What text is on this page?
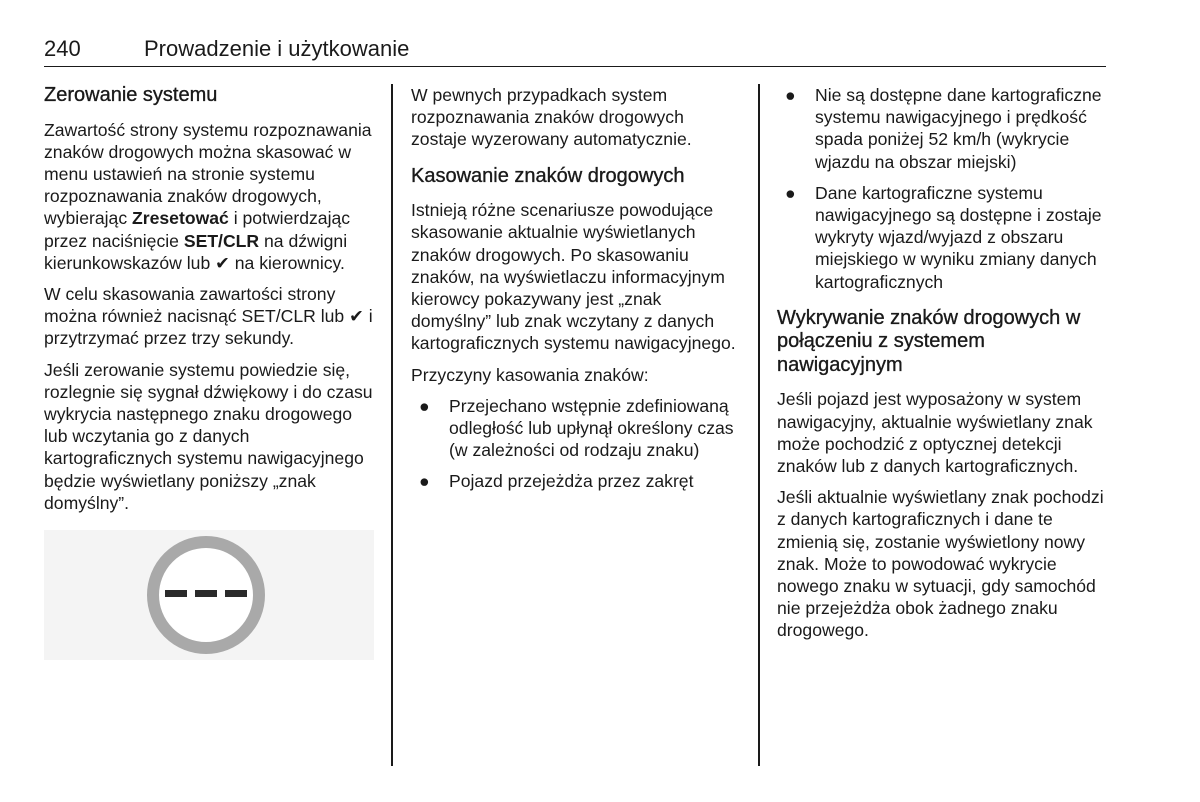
240	Prowadzenie i użytkowanie
Zerowanie systemu

Zawartość strony systemu rozpoznawania znaków drogowych można skasować w menu ustawień na stronie systemu rozpoznawania znaków drogowych, wybierając Zresetować i potwierdzając przez naciśnięcie SET/CLR na dźwigni kierunkowskazów lub ✔ na kierownicy.

W celu skasowania zawartości strony można również nacisnąć SET/CLR lub ✔ i przytrzymać przez trzy sekundy.

Jeśli zerowanie systemu powiedzie się, rozlegnie się sygnał dźwiękowy i do czasu wykrycia następnego znaku drogowego lub wczytania go z danych kartograficznych systemu nawigacyjnego będzie wyświetlany poniższy „znak domyślny”.

W pewnych przypadkach system rozpoznawania znaków drogowych zostaje wyzerowany automatycznie.

Kasowanie znaków drogowych

Istnieją różne scenariusze powodujące skasowanie aktualnie wyświetlanych znaków drogowych. Po skasowaniu znaków, na wyświetlaczu informacyjnym kierowcy pokazywany jest „znak domyślny” lub znak wczytany z danych kartograficznych systemu nawigacyjnego.

Przyczyny kasowania znaków:

● Przejechano wstępnie zdefiniowaną odległość lub upłynął określony czas (w zależności od rodzaju znaku)
● Pojazd przejeżdża przez zakręt
● Nie są dostępne dane kartograficzne systemu nawigacyjnego i prędkość spada poniżej 52 km/h (wykrycie wjazdu na obszar miejski)
● Dane kartograficzne systemu nawigacyjnego są dostępne i zostaje wykryty wjazd/wyjazd z obszaru miejskiego w wyniku zmiany danych kartograficznych
Wykrywanie znaków drogowych w połączeniu z systemem nawigacyjnym

Jeśli pojazd jest wyposażony w system nawigacyjny, aktualnie wyświetlany znak może pochodzić z optycznej detekcji znaków lub z danych kartograficznych.

Jeśli aktualnie wyświetlany znak pochodzi z danych kartograficznych i dane te zmienią się, zostanie wyświetlony nowy znak. Może to powodować wykrycie nowego znaku w sytuacji, gdy samochód nie przejeżdża obok żadnego znaku drogowego.
